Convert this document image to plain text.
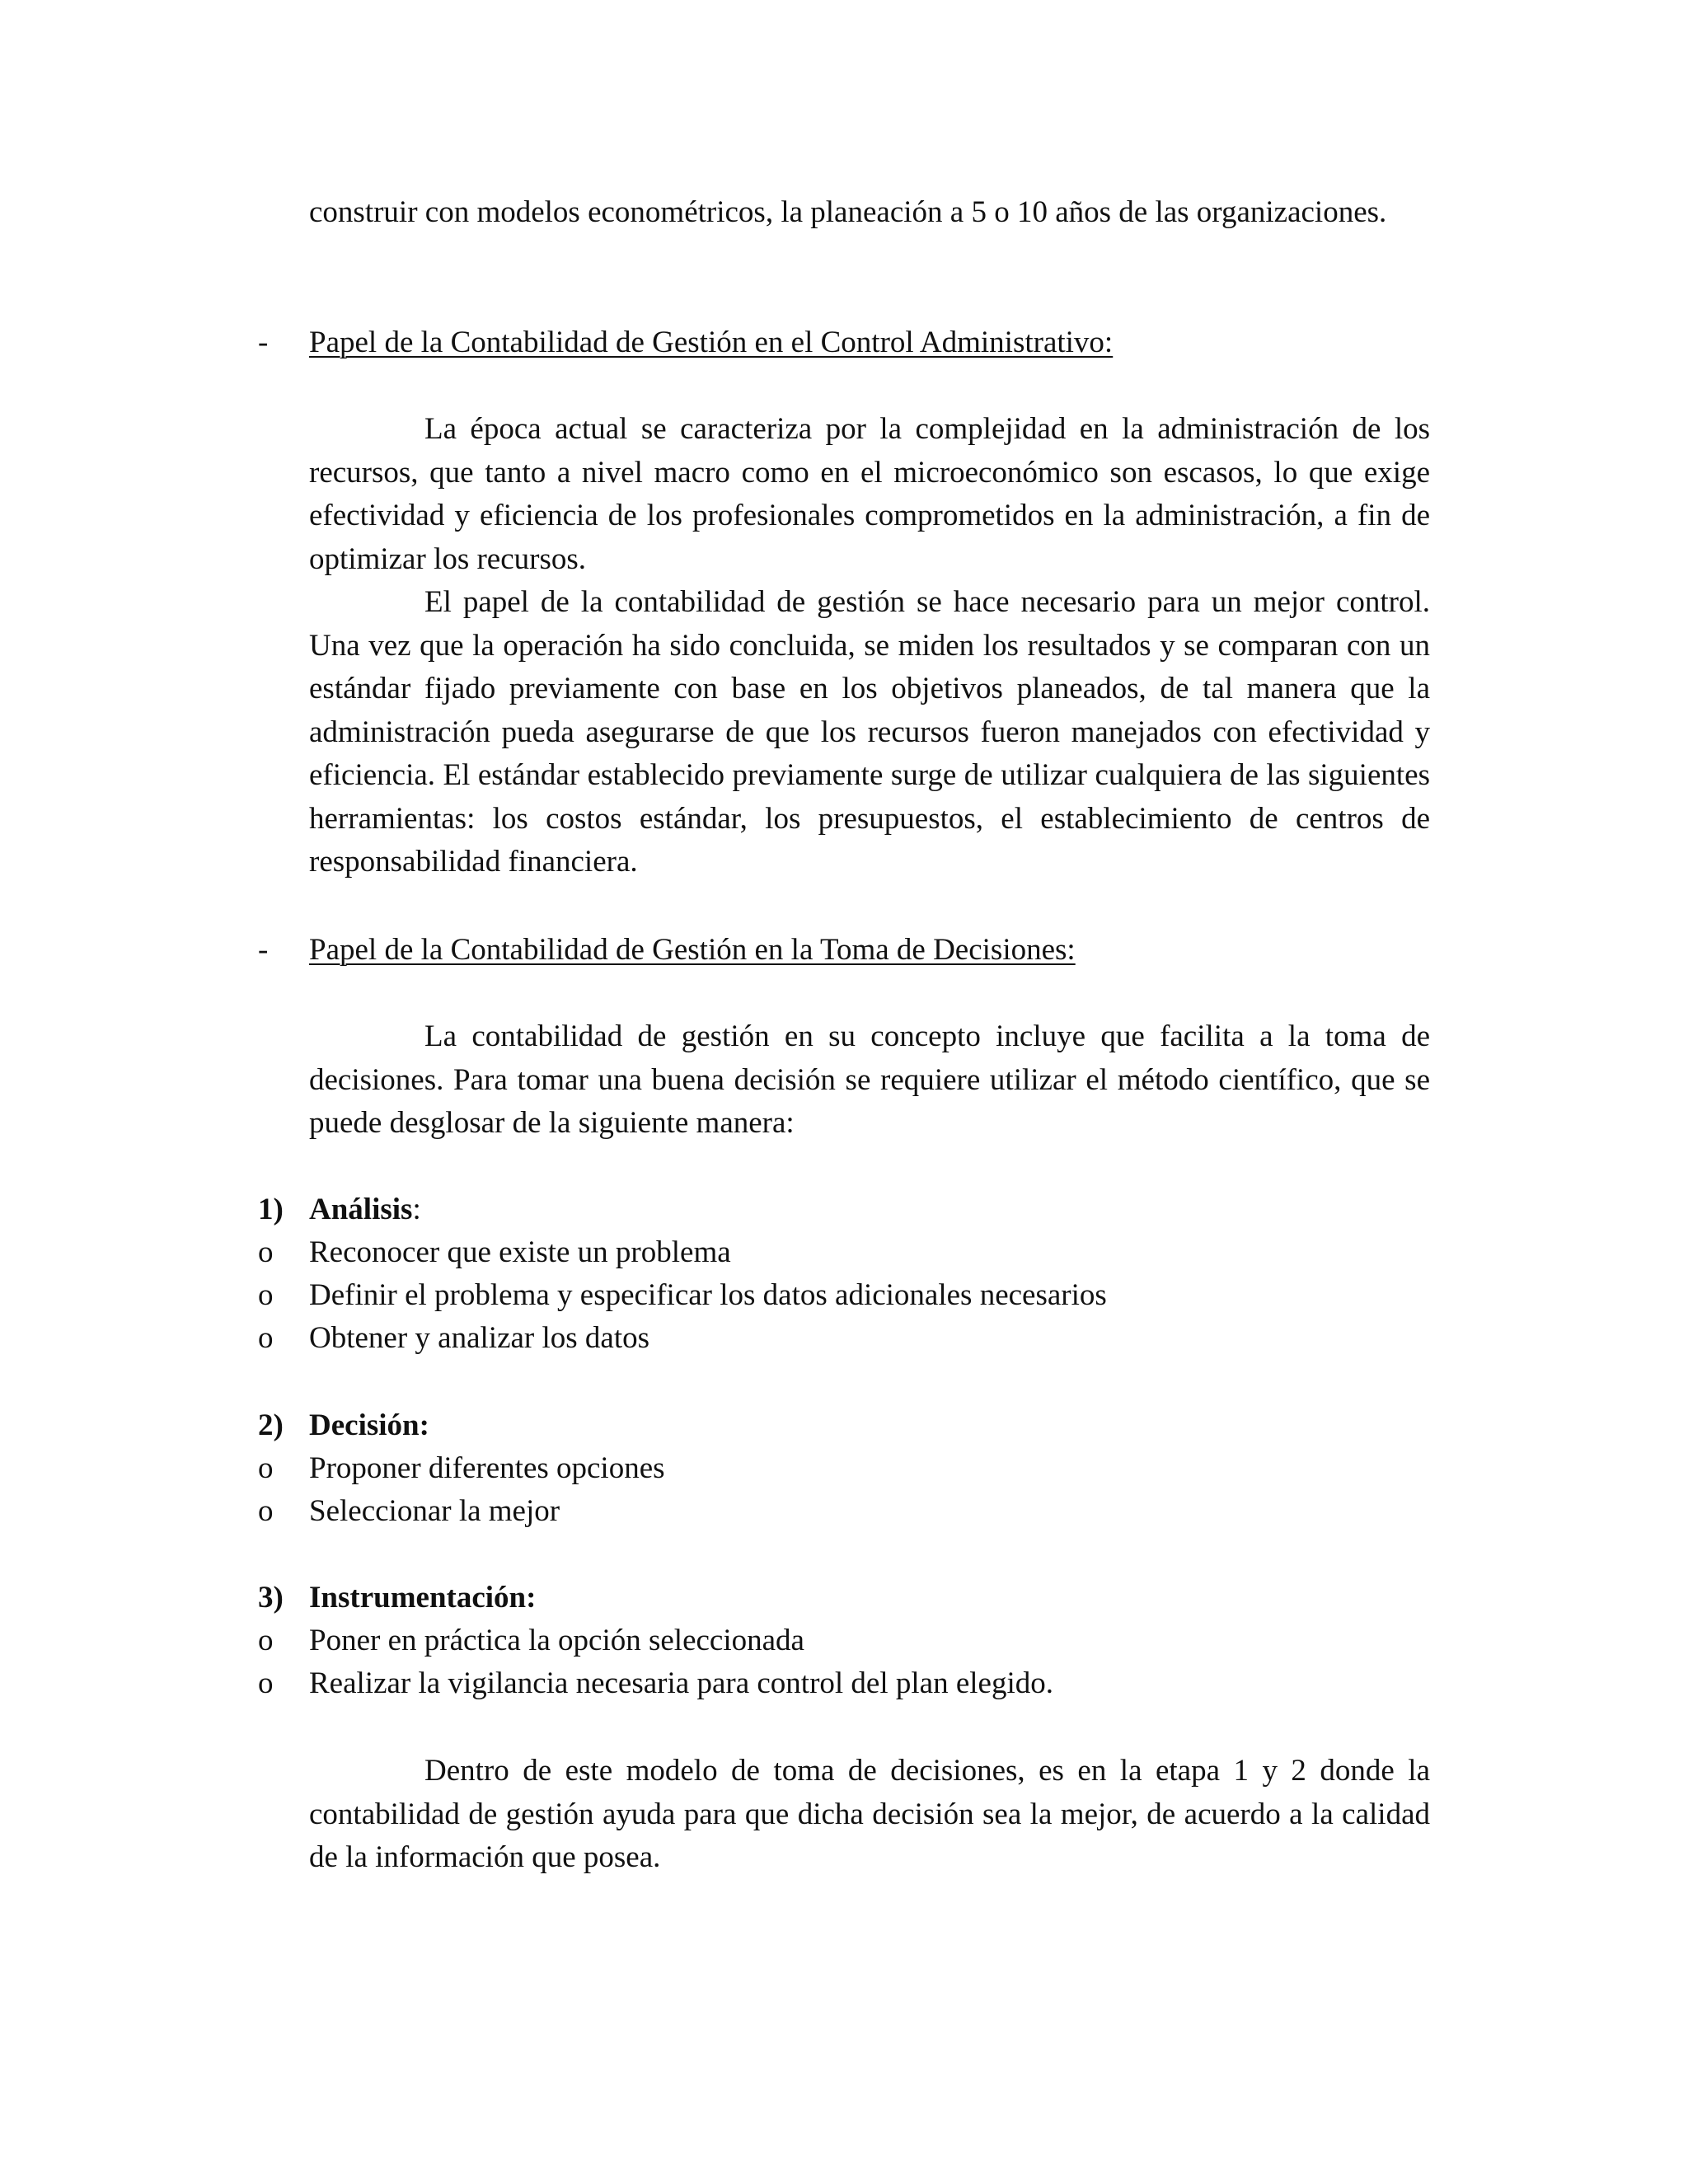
construir con modelos econométricos, la planeación a 5 o 10 años de las organizaciones.

- Papel de la Contabilidad de Gestión en el Control Administrativo:

La época actual se caracteriza por la complejidad en la administración de los recursos, que tanto a nivel macro como en el microeconómico son escasos, lo que exige efectividad y eficiencia de los profesionales comprometidos en la administración, a fin de optimizar los recursos.

El papel de la contabilidad de gestión se hace necesario para un mejor control. Una vez que la operación ha sido concluida, se miden los resultados y se comparan con un estándar fijado previamente con base en los objetivos planeados, de tal manera que la administración pueda asegurarse de que los recursos fueron manejados con efectividad y eficiencia. El estándar establecido previamente surge de utilizar cualquiera de las siguientes herramientas: los costos estándar, los presupuestos, el establecimiento de centros de responsabilidad financiera.

- Papel de la Contabilidad de Gestión en la Toma de Decisiones:

La contabilidad de gestión en su concepto incluye que facilita a la toma de decisiones. Para tomar una buena decisión se requiere utilizar el método científico, que se puede desglosar de la siguiente manera:

1) Análisis:
o Reconocer que existe un problema
o Definir el problema y especificar los datos adicionales necesarios
o Obtener y analizar los datos
2) Decisión:
o Proponer diferentes opciones
o Seleccionar la mejor
3) Instrumentación:
o Poner en práctica la opción seleccionada
o Realizar la vigilancia necesaria para control del plan elegido.

Dentro de este modelo de toma de decisiones, es en la etapa 1 y 2 donde la contabilidad de gestión ayuda para que dicha decisión sea la mejor, de acuerdo a la calidad de la información que posea.
